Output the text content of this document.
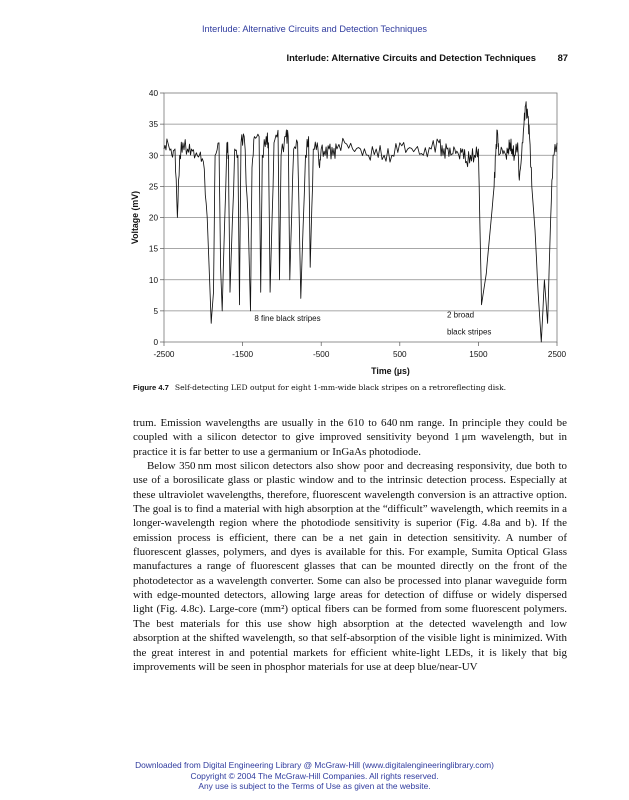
Interlude: Alternative Circuits and Detection Techniques
Interlude: Alternative Circuits and Detection Techniques 87
0
5
10
15
20
25
30
35
40
-2500	-1500	-500	500	1500	2500
Time (µs)
Voltage (mV)
8 fine black stripes	2 broad
black stripes
Figure 4.7 Self-detecting LED output for eight 1-mm-wide black stripes on a retroreflecting disk.

trum. Emission wavelengths are usually in the 610 to 640 nm range. In principle they could be coupled with a silicon detector to give improved sensitivity beyond 1 μm wavelength, but in practice it is far better to use a germanium or InGaAs photodiode.

Below 350 nm most silicon detectors also show poor and decreasing responsivity, due both to use of a borosilicate glass or plastic window and to the intrinsic detection process. Especially at these ultraviolet wavelengths, therefore, fluorescent wavelength conversion is an attractive option. The goal is to find a material with high absorption at the “difficult” wavelength, which reemits in a longer-wavelength region where the photodiode sensitivity is superior (Fig. 4.8a and b). If the emission process is efficient, there can be a net gain in detection sensitivity. A number of fluorescent glasses, polymers, and dyes is available for this. For example, Sumita Optical Glass manufactures a range of fluorescent glasses that can be mounted directly on the front of the photodetector as a wavelength converter. Some can also be processed into planar waveguide form with edge-mounted detectors, allowing large areas for detection of diffuse or widely dispersed light (Fig. 4.8c). Large-core (mm²) optical fibers can be formed from some fluorescent polymers. The best materials for this use show high absorption at the detected wavelength and low absorption at the shifted wavelength, so that self-absorption of the visible light is minimized. With the great interest in and potential markets for efficient white-light LEDs, it is likely that big improvements will be seen in phosphor materials for use at deep blue/near-UV

Downloaded from Digital Engineering Library @ McGraw-Hill (www.digitalengineeringlibrary.com)
Copyright © 2004 The McGraw-Hill Companies. All rights reserved.
Any use is subject to the Terms of Use as given at the website.
